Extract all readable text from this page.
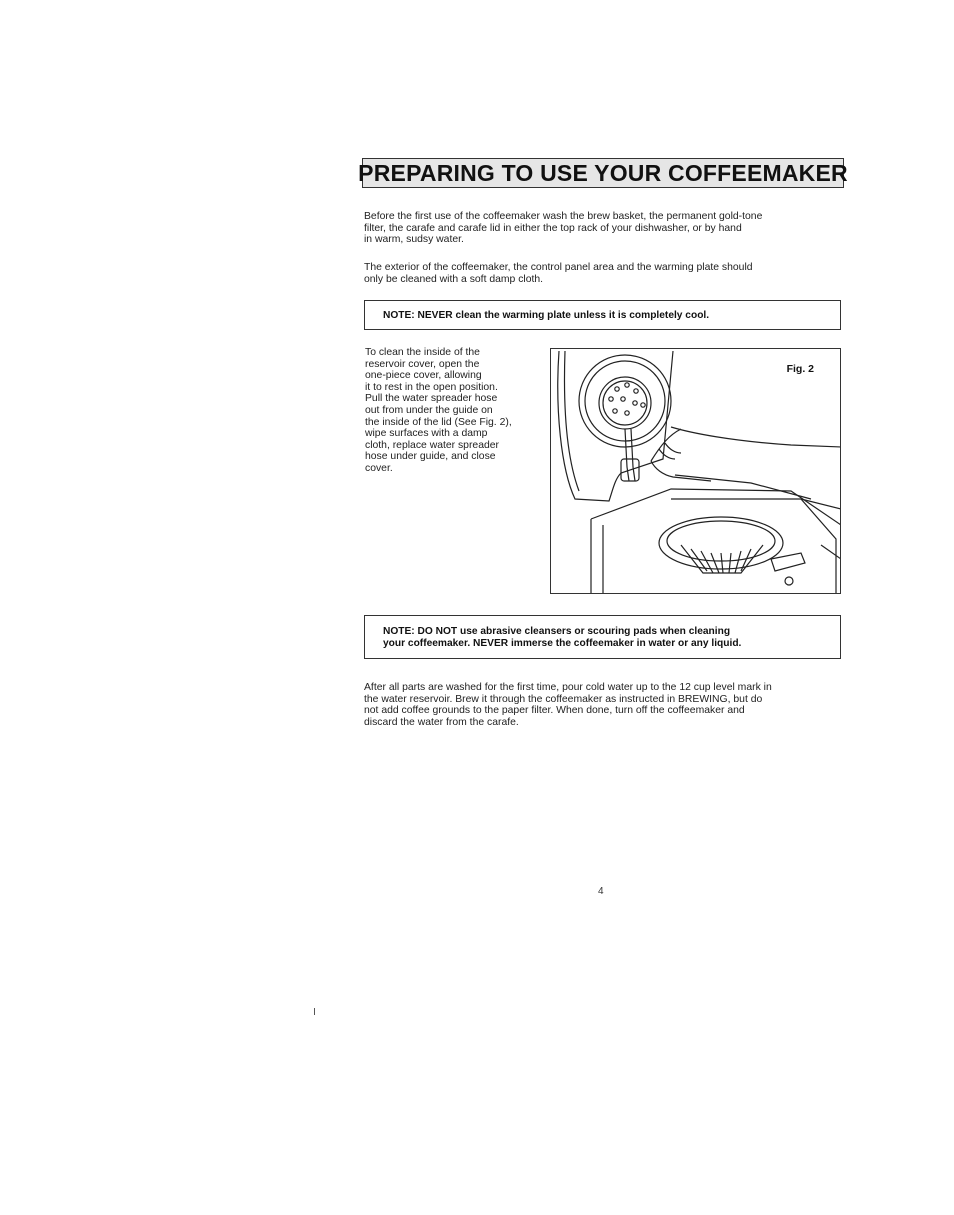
PREPARING TO USE YOUR COFFEEMAKER

Before the first use of the coffeemaker wash the brew basket, the permanent gold-tone
filter, the carafe and carafe lid in either the top rack of your dishwasher, or by hand
in warm, sudsy water.

The exterior of the coffeemaker, the control panel area and the warming plate should
only be cleaned with a soft damp cloth.

NOTE: NEVER clean the warming plate unless it is completely cool.

To clean the inside of the
reservoir cover, open the
one-piece cover, allowing
it to rest in the open position.
Pull the water spreader hose
out from under the guide on
the inside of the lid (See Fig. 2),
wipe surfaces with a damp
cloth, replace water spreader
hose under guide, and close
cover.

Fig. 2

NOTE: DO NOT use abrasive cleansers or scouring pads when cleaning
your coffeemaker. NEVER immerse the coffeemaker in water or any liquid.

After all parts are washed for the first time, pour cold water up to the 12 cup level mark in
the water reservoir. Brew it through the coffeemaker as instructed in BREWING, but do
not add coffee grounds to the paper filter. When done, turn off the coffeemaker and
discard the water from the carafe.

4
